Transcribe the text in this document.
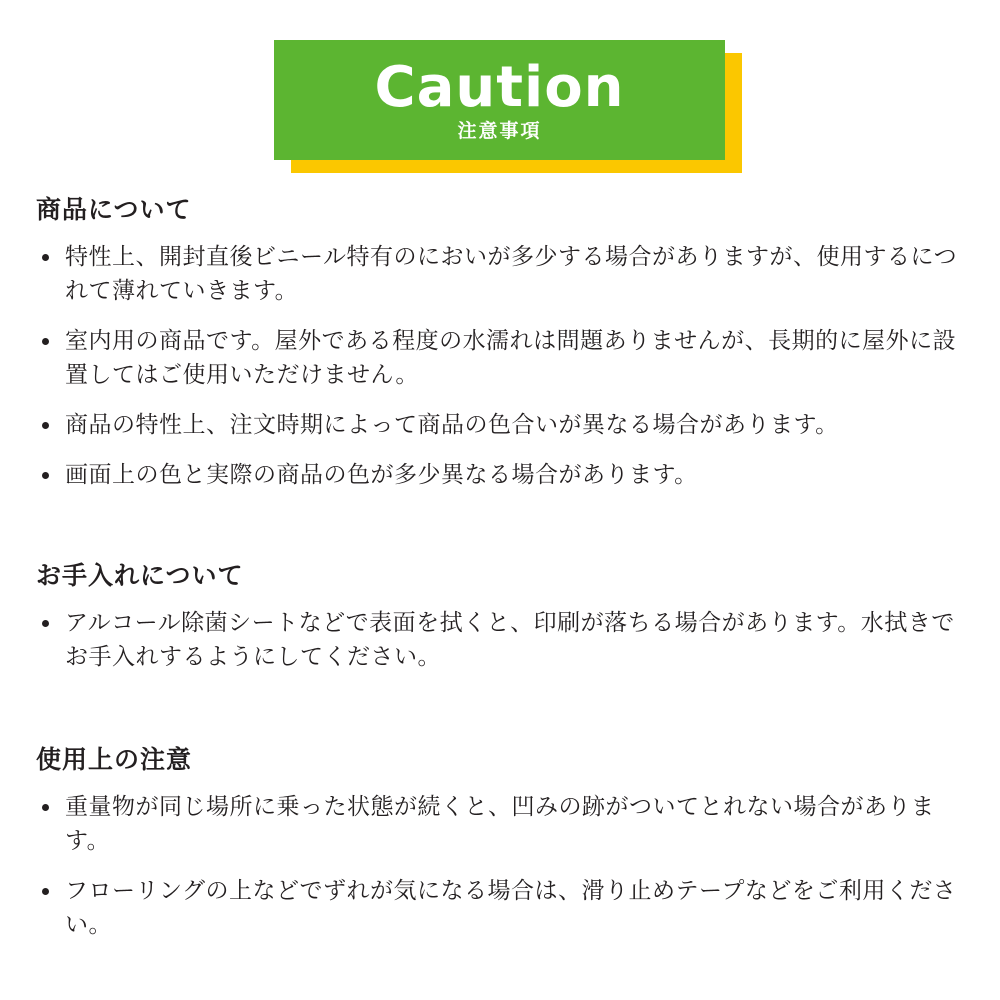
Caution
注意事項
商品について
特性上、開封直後ビニール特有のにおいが多少する場合がありますが、使用するにつれて薄れていきます。
室内用の商品です。屋外である程度の水濡れは問題ありませんが、長期的に屋外に設置してはご使用いただけません。
商品の特性上、注文時期によって商品の色合いが異なる場合があります。
画面上の色と実際の商品の色が多少異なる場合があります。
お手入れについて
アルコール除菌シートなどで表面を拭くと、印刷が落ちる場合があります。水拭きでお手入れするようにしてください。
使用上の注意
重量物が同じ場所に乗った状態が続くと、凹みの跡がついてとれない場合があります。
フローリングの上などでずれが気になる場合は、滑り止めテープなどをご利用ください。
